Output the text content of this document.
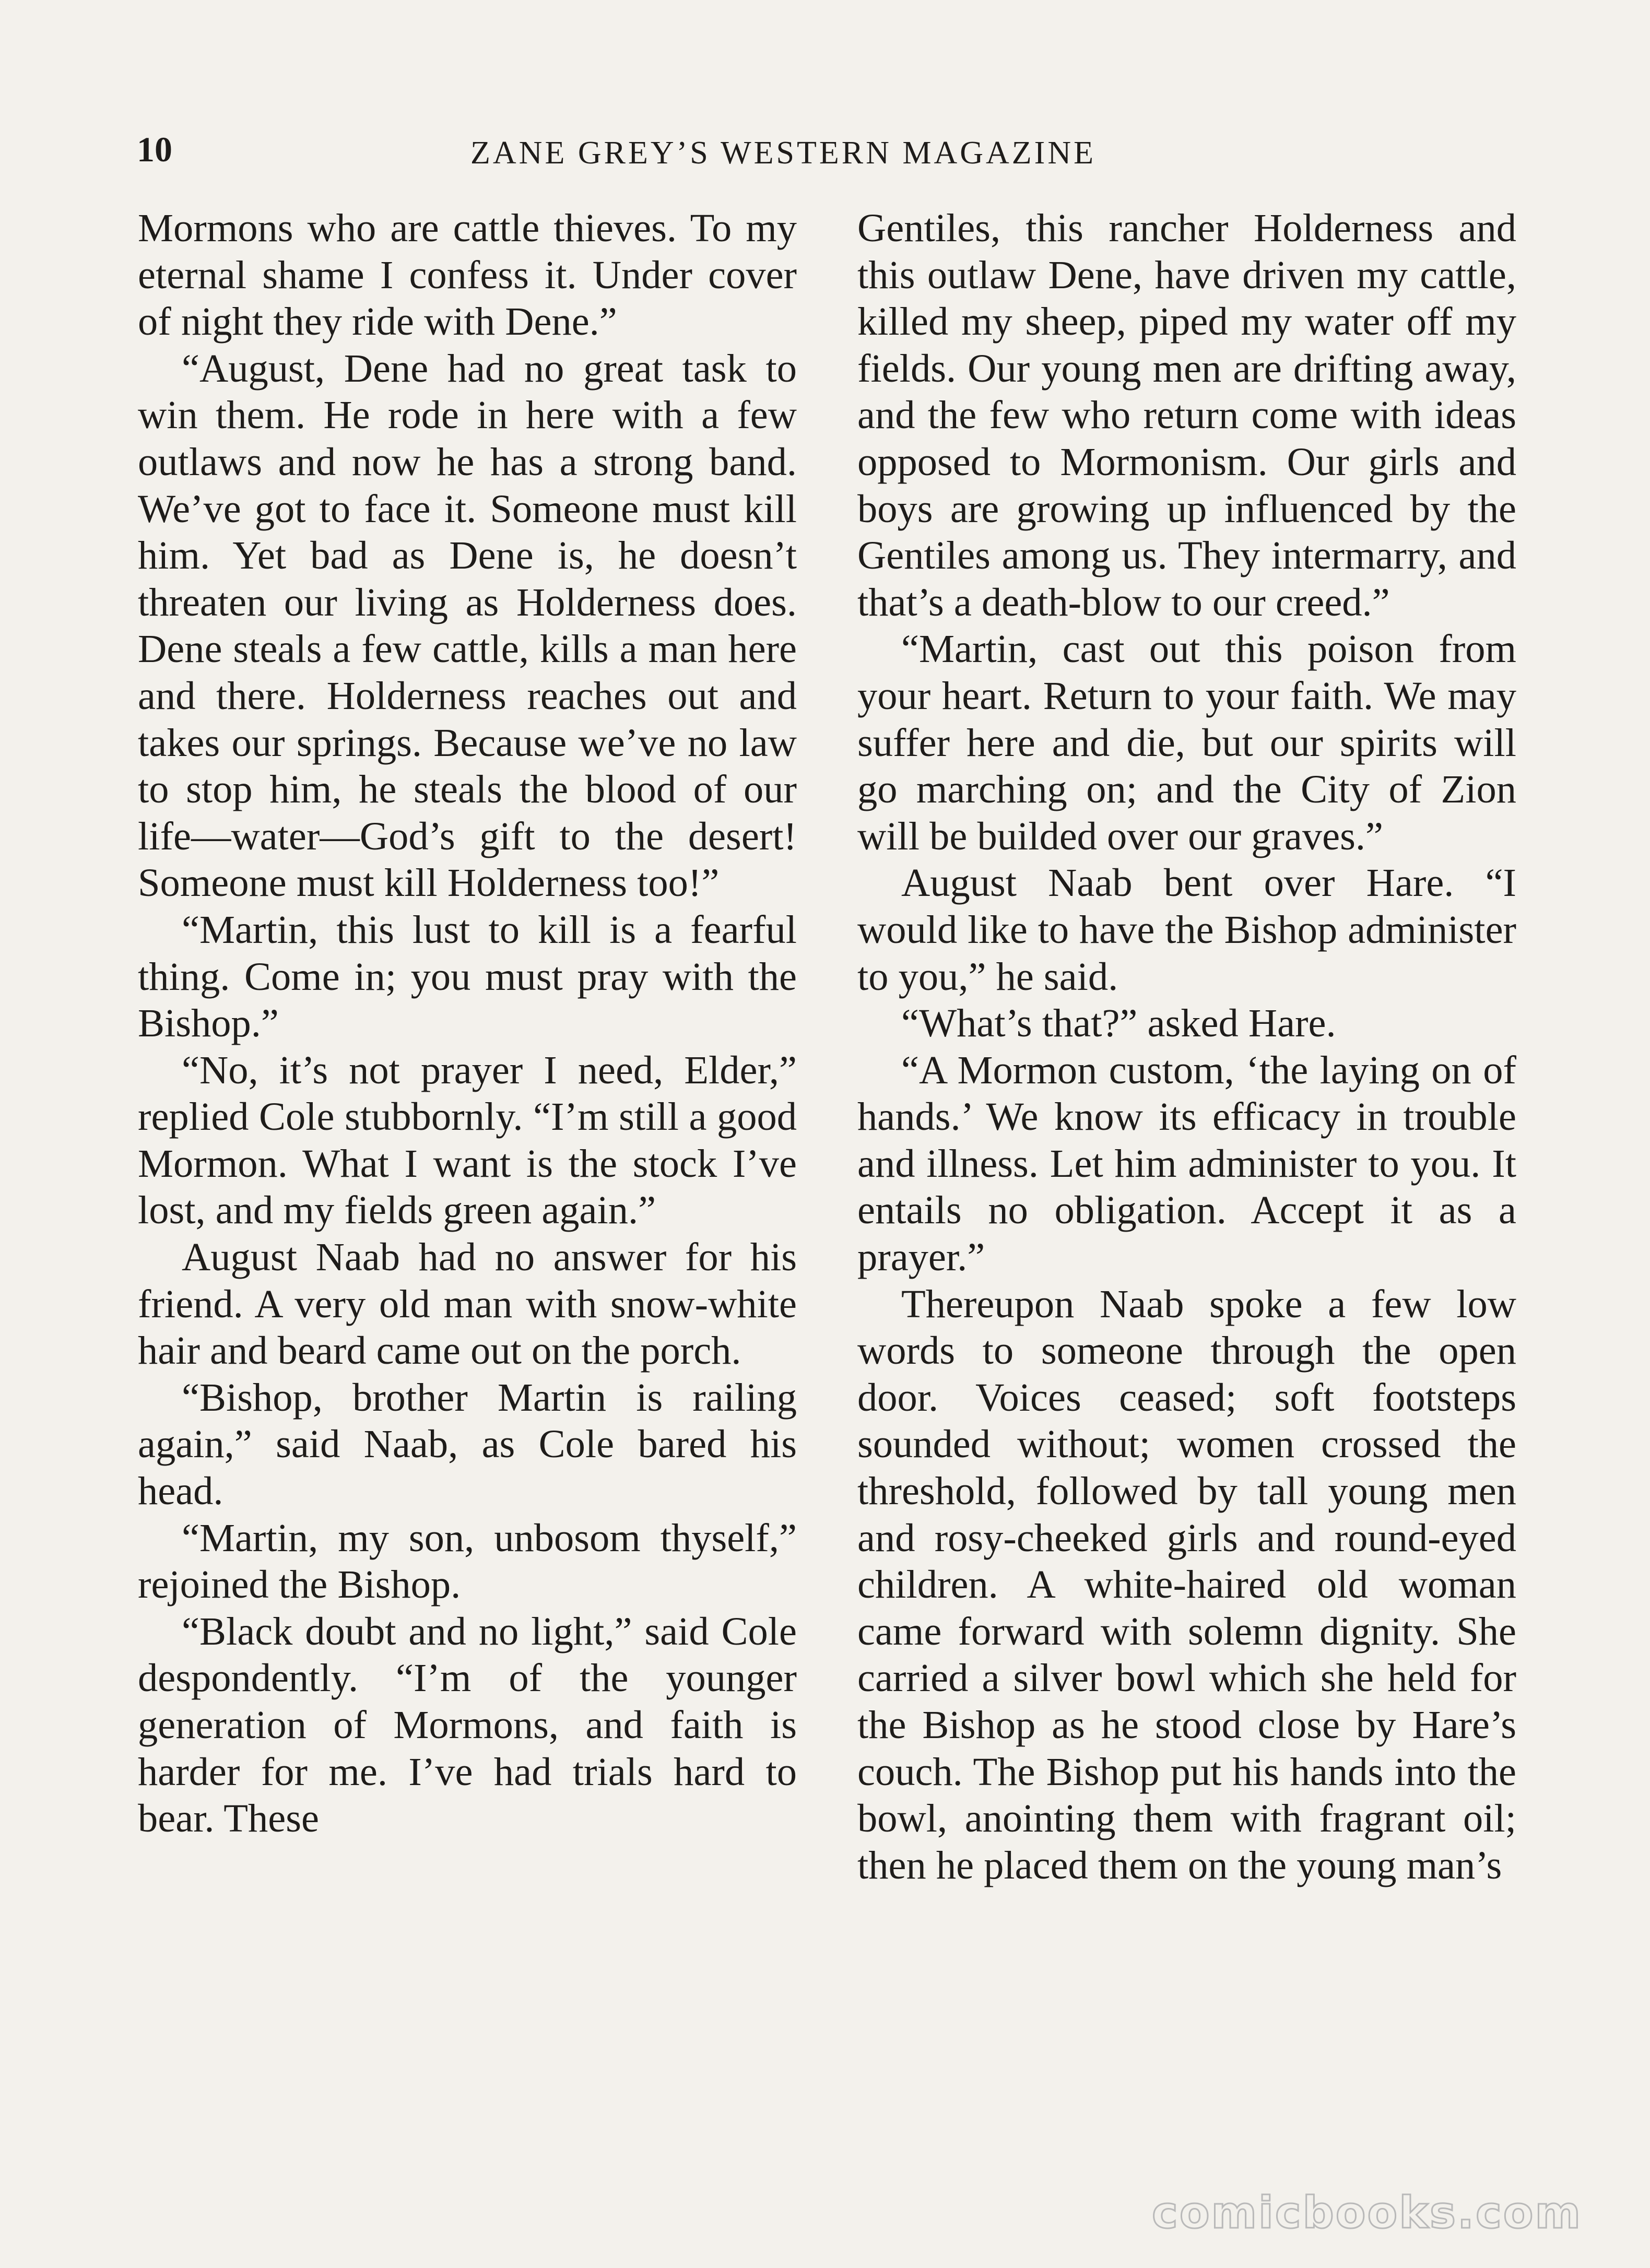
10	ZANE GREY’S WESTERN MAGAZINE

Mormons who are cattle thieves. To my eternal shame I confess it. Under cover of night they ride with Dene.”

“August, Dene had no great task to win them. He rode in here with a few outlaws and now he has a strong band. We’ve got to face it. Someone must kill him. Yet bad as Dene is, he doesn’t threaten our living as Holderness does. Dene steals a few cattle, kills a man here and there. Holderness reaches out and takes our springs. Because we’ve no law to stop him, he steals the blood of our life—water—God’s gift to the desert! Someone must kill Holderness too!”

“Martin, this lust to kill is a fearful thing. Come in; you must pray with the Bishop.”

“No, it’s not prayer I need, Elder,” replied Cole stubbornly. “I’m still a good Mormon. What I want is the stock I’ve lost, and my fields green again.”

August Naab had no answer for his friend. A very old man with snow-white hair and beard came out on the porch.

“Bishop, brother Martin is railing again,” said Naab, as Cole bared his head.

“Martin, my son, unbosom thyself,” rejoined the Bishop.

“Black doubt and no light,” said Cole despondently. “I’m of the younger generation of Mormons, and faith is harder for me. I’ve had trials hard to bear. These

Gentiles, this rancher Holderness and this outlaw Dene, have driven my cattle, killed my sheep, piped my water off my fields. Our young men are drifting away, and the few who return come with ideas opposed to Mormonism. Our girls and boys are growing up influenced by the Gentiles among us. They intermarry, and that’s a death-blow to our creed.”

“Martin, cast out this poison from your heart. Return to your faith. We may suffer here and die, but our spirits will go marching on; and the City of Zion will be builded over our graves.”

August Naab bent over Hare. “I would like to have the Bishop administer to you,” he said.

“What’s that?” asked Hare.

“A Mormon custom, ‘the laying on of hands.’ We know its efficacy in trouble and illness. Let him administer to you. It entails no obligation. Accept it as a prayer.”

Thereupon Naab spoke a few low words to someone through the open door. Voices ceased; soft footsteps sounded without; women crossed the threshold, followed by tall young men and rosy-cheeked girls and round-eyed children. A white-haired old woman came forward with solemn dignity. She carried a silver bowl which she held for the Bishop as he stood close by Hare’s couch. The Bishop put his hands into the bowl, anointing them with fragrant oil; then he placed them on the young man’s

comicbooks.com
